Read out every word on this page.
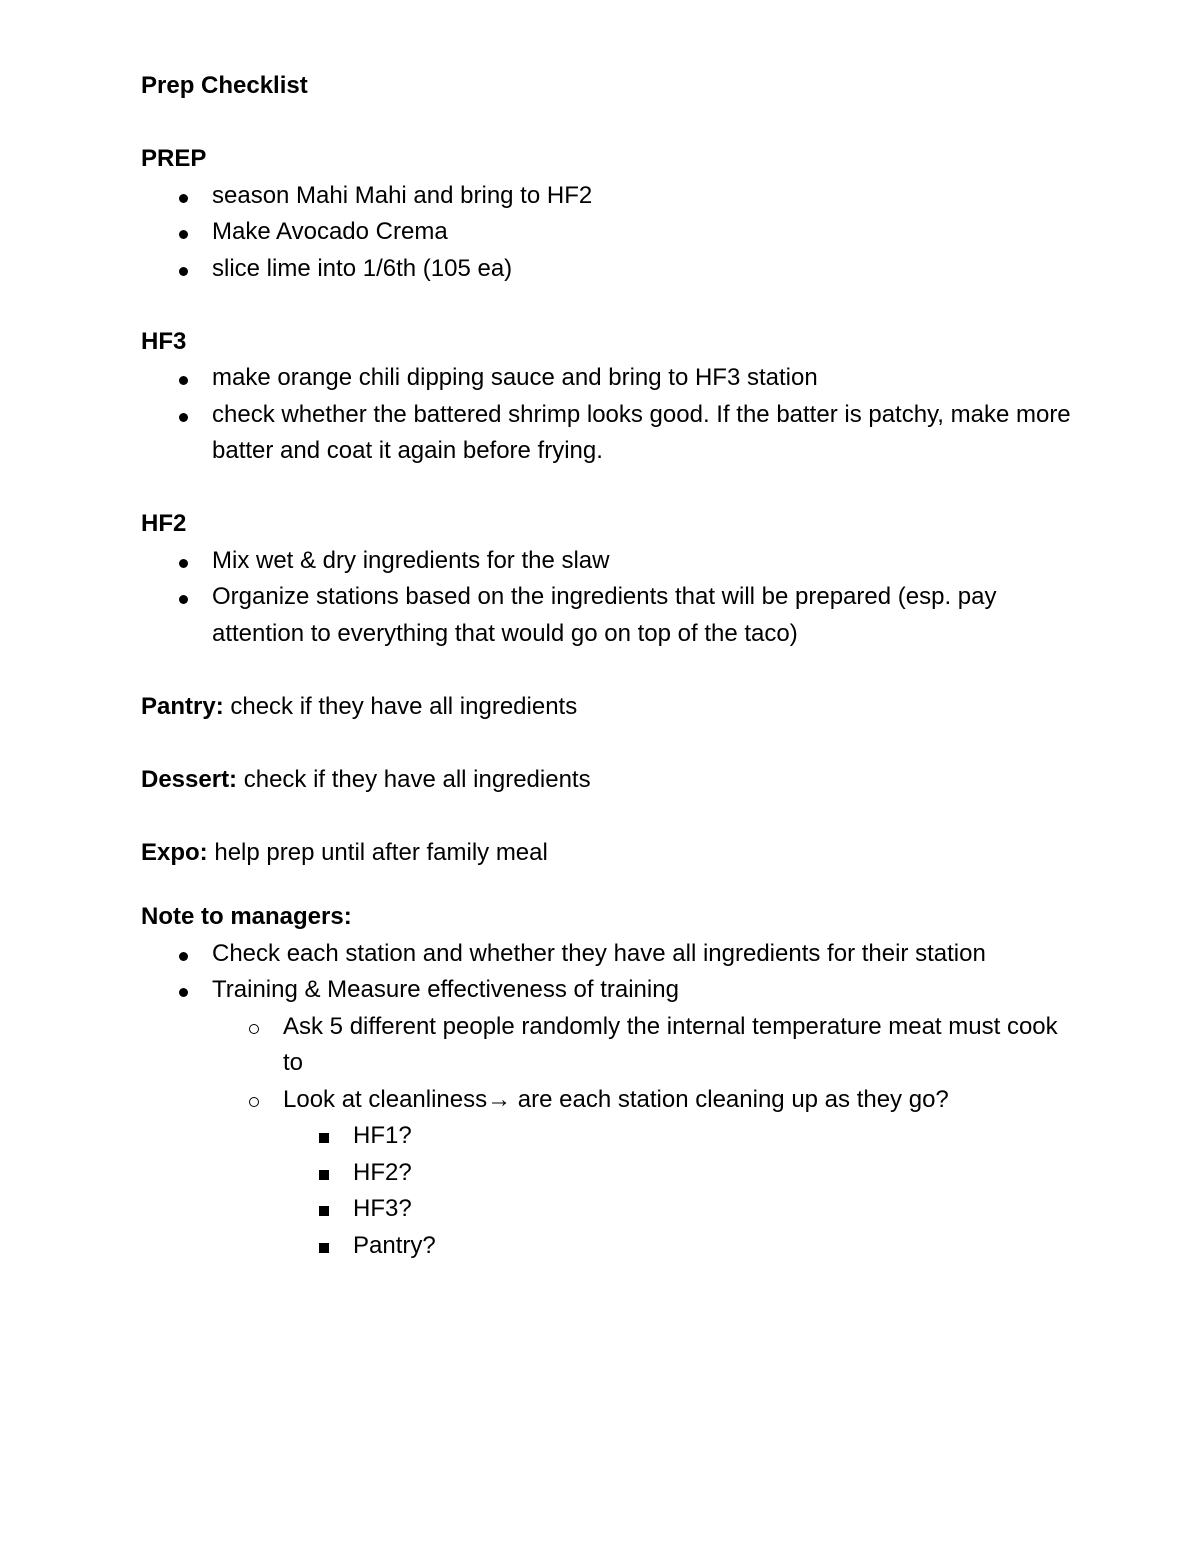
Prep Checklist

PREP

season Mahi Mahi and bring to HF2
Make Avocado Crema
slice lime into 1/6th (105 ea)

HF3

make orange chili dipping sauce and bring to HF3 station
check whether the battered shrimp looks good. If the batter is patchy, make more batter and coat it again before frying.

HF2

Mix wet & dry ingredients for the slaw
Organize stations based on the ingredients that will be prepared (esp. pay attention to everything that would go on top of the taco)

Pantry: check if they have all ingredients

Dessert: check if they have all ingredients

Expo: help prep until after family meal

Note to managers:

Check each station and whether they have all ingredients for their station
Training & Measure effectiveness of training
Ask 5 different people randomly the internal temperature meat must cook to
Look at cleanliness→ are each station cleaning up as they go?
HF1?
HF2?
HF3?
Pantry?
